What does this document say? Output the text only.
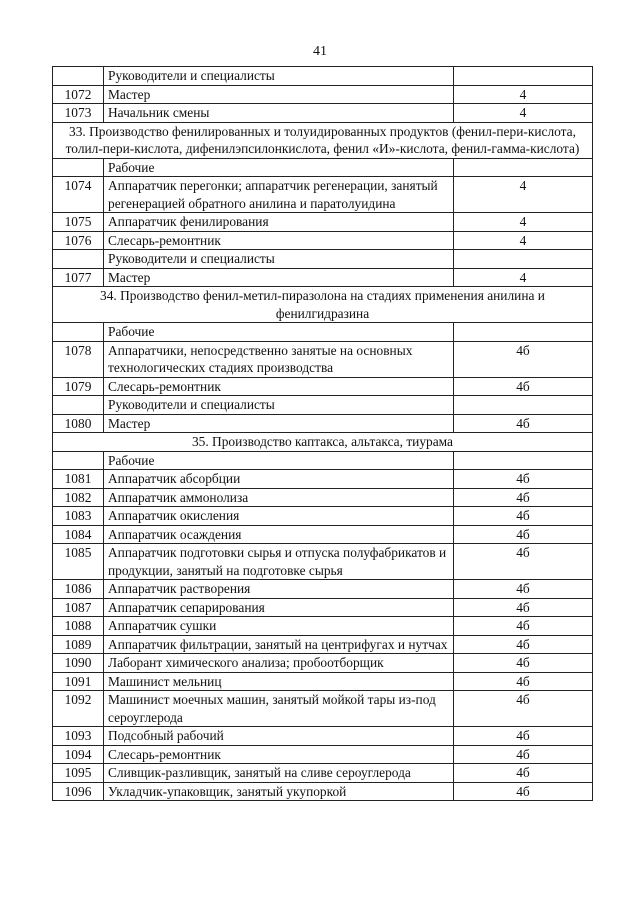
41
	Руководители и специалисты	
1072	Мастер	4
1073	Начальник смены	4
33. Производство фенилированных и толуидированных продуктов (фенил-пери-кислота, толил-пери-кислота, дифенилэпсилонкислота, фенил «И»-кислота, фенил-гамма-кислота)		
	Рабочие	
1074	Аппаратчик перегонки; аппаратчик регенерации, занятый регенерацией обратного анилина и паратолуидина	4
1075	Аппаратчик фенилирования	4
1076	Слесарь-ремонтник	4
	Руководители и специалисты	
1077	Мастер	4
34. Производство фенил-метил-пиразолона на стадиях применения анилина и фенилгидразина		
	Рабочие	
1078	Аппаратчики, непосредственно занятые на основных технологических стадиях производства	4б
1079	Слесарь-ремонтник	4б
	Руководители и специалисты	
1080	Мастер	4б
35. Производство каптакса, альтакса, тиурама		
	Рабочие	
1081	Аппаратчик абсорбции	4б
1082	Аппаратчик аммонолиза	4б
1083	Аппаратчик окисления	4б
1084	Аппаратчик осаждения	4б
1085	Аппаратчик подготовки сырья и отпуска полуфабрикатов и продукции, занятый на подготовке сырья	4б
1086	Аппаратчик растворения	4б
1087	Аппаратчик сепарирования	4б
1088	Аппаратчик сушки	4б
1089	Аппаратчик фильтрации, занятый на центрифугах и нутчах	4б
1090	Лаборант химического анализа; пробоотборщик	4б
1091	Машинист мельниц	4б
1092	Машинист моечных машин, занятый мойкой тары из-под сероуглерода	4б
1093	Подсобный рабочий	4б
1094	Слесарь-ремонтник	4б
1095	Сливщик-разливщик, занятый на сливе сероуглерода	4б
1096	Укладчик-упаковщик, занятый укупоркой	4б
